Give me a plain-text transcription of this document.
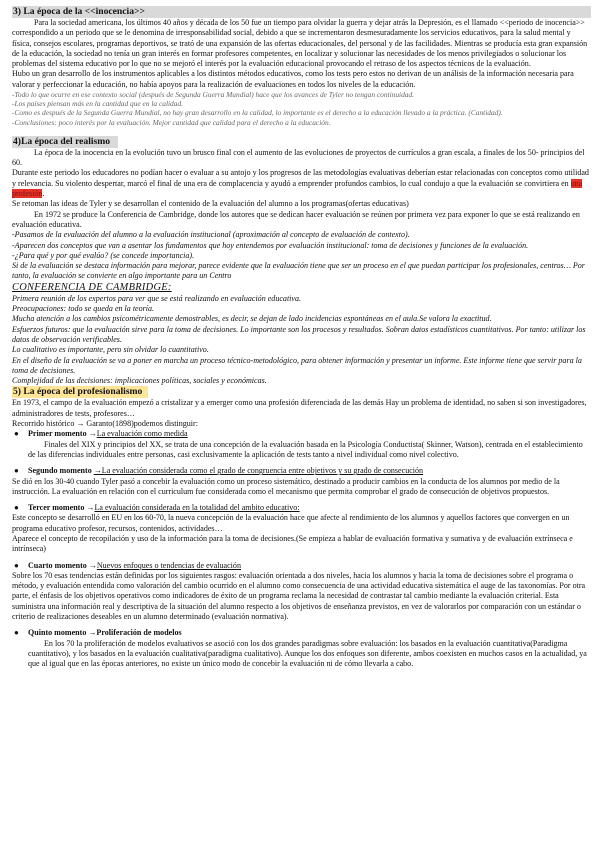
3) La época de la <<inocencia>>

Para la sociedad americana, los últimos 40 años y década de los 50 fue un tiempo para olvidar la guerra y dejar atrás la Depresión, es el llamado <<periodo de inocencia>> correspondido a un periodo que se le denomina de irresponsabilidad social, debido a que se incrementaron desmesuradamente los servicios educativos, para la salud mental y física, consejos escolares, programas deportivos, se trató de una expansión de las ofertas educacionales, del personal y de las facilidades. Mientras se producía esta gran expansión de la educación, la sociedad no tenía un gran interés en formar profesores competentes, en localizar y solucionar las necesidades de los menos privilegiados o solucionar los problemas del sistema educativo por lo que no se mejoró el interés por la evaluación educacional provocando el retraso de los aspectos técnicos de la evaluación.

Hubo un gran desarrollo de los instrumentos aplicables a los distintos métodos educativos, como los tests pero estos no derivan de un análisis de la información necesaria para valorar y perfeccionar la educación, no había apoyos para la realización de evaluaciones en todos los niveles de la educación.

-Todo lo que ocurre en ese contexto social (después de Segunda Guerra Mundial) hace que los avances de Tyler no tengan continuidad.

-Los países piensan más en la cantidad que en la calidad.

-Como es después de la Segunda Guerra Mundial, no hay gran desarrollo en la calidad, lo importante es el derecho a la educación llevado a la práctica. (Cantidad).

-Conclusiones: poco interés por la evaluación. Mejor cantidad que calidad para el derecho a la educación.

4)La época del realismo

La época de la inocencia en la evolución tuvo un brusco final con el aumento de las evoluciones de proyectos de currículos a gran escala, a finales de los 50- principios del 60.

Durante este periodo los educadores no podían hacer o evaluar a su antojo y los progresos de las metodologías evaluativas deberían estar relacionadas con conceptos como utilidad y relevancia. Su violento despertar, marcó el final de una era de complacencia y ayudó a emprender profundos cambios, lo cual condujo a que la evaluación se convirtiera en una profesión.

Se retoman las ideas de Tyler y se desarrollan el contenido de la evaluación del alumno a los programas(ofertas educativas)

En 1972 se produce la Conferencia de Cambridge, donde los autores que se dedican hacer evaluación se reúnen por primera vez para exponer lo que se está realizando en evaluación educativa.

-Pasamos de la evaluación del alumno a la evaluación institucional (aproximación al concepto de evaluación de contexto).

-Aparecen dos conceptos que van a asentar los fundamentos que hoy entendemos por evaluación institucional: toma de decisiones y funciones de la evaluación.

-¿Para qué y por qué evalúo? (se concede importancia).

Si de la evaluación se destaca información para mejorar, parece evidente que la evaluación tiene que ser un proceso en el que puedan participar los profesionales, centros… Por tanto, la evaluación se convierte en algo importante para un Centro

CONFERENCIA DE CAMBRIDGE:

Primera reunión de los expertos para ver que se está realizando en evaluación educativa.

Preocupaciones: todo se queda en la teoría.

Mucha atención a los cambios psicométricamente demostrables, es decir, se dejan de lado incidencias espontáneas en el aula.Se valora la exactitud.

Esfuerzos futuros: que la evaluación sirve para la toma de decisiones. Lo importante son los procesos y resultados. Sobran datos estadísticos cuantitativos. Por tanto: utilizar los datos de observación verificables.

Lo cualitativo es importante, pero sin olvidar lo cuantitativo.

En el diseño de la evaluación se va a poner en marcha un proceso técnico-metodológico, para obtener información y presentar un informe. Este informe tiene que servir para la toma de decisiones.

Complejidad de las decisiones: implicaciones políticas, sociales y económicas.

5) La época del profesionalismo

En 1973, el campo de la evaluación empezó a cristalizar y a emerger como una profesión diferenciada de las demás Hay un problema de identidad, no saben si son investigadores, administradores de tests, profesores…

Recorrido histórico → Garanto(1898)podemos distinguir:

● Primer momento →La evaluación como medida

Finales del XIX y principios del XX, se trata de una concepción de la evaluación basada en la Psicología Conductista( Skinner, Watson), centrada en el establecimiento de las diferencias individuales entre personas, casi exclusivamente la aplicación de tests tanto a nivel individual como nivel colectivo.

● Segundo momento →La evaluación considerada como el grado de congruencia entre objetivos y su grado de consecución

Se dió en los 30-40 cuando Tyler pasó a concebir la evaluación como un proceso sistemático, destinado a producir cambios en la conducta de los alumnos por medio de la instrucción. La evaluación en relación con el curriculum fue considerada como el mecanismo que permita comprobar el grado de consecución de objetivos propuestos.

● Tercer momento →La evaluación considerada en la totalidad del ambito educativo:

Este concepto se desarrolló en EU en los 60-70, la nueva concepción de la evaluación hace que afecte al rendimiento de los alumnos y aquellos factores que convergen en un programa educativo profesor, recursos, contenidos, actividades…

Aparece el concepto de recopilación y uso de la información para la toma de decisiones.(Se empieza a hablar de evaluación formativa y sumativa y de evaluación extrínseca e intrínseca)

● Cuarto momento →Nuevos enfoques o tendencias de evaluación

Sobre los 70 esas tendencias están definidas por los siguientes rasgos: evaluación orientada a dos niveles, hacia los alumnos y hacia la toma de decisiones sobre el programa o método, y evaluación entendida como valoración del cambio ocurrido en el alumno como consecuencia de una actividad educativa sistemática el auge de las taxonomías. Por otra parte, el énfasis de los objetivos operativos como indicadores de éxito de un programa reclama la necesidad de contrastar tal cambio mediante la evaluación criterial. Esta suministra una información real y descriptiva de la situación del alumno respecto a los objetivos de enseñanza previstos, en vez de valorarlos por comparación con un estándar o criterio de realizaciones deseables en un alumno determinado (evaluación normativa).

● Quinto momento →Proliferación de modelos

En los 70 la proliferación de modelos evaluativos se asoció con los dos grandes paradigmas sobre evaluación: los basados en la evaluación cuantitativa(Paradigma cuantitativo), y los basados en la evaluación cualitativa(paradigma cualitativo). Aunque los dos enfoques son diferente, ambos coexisten en muchos casos en la actualidad, ya que al igual que en las épocas anteriores, no existe un único modo de concebir la evaluación ni de cómo llevarla a cabo.
